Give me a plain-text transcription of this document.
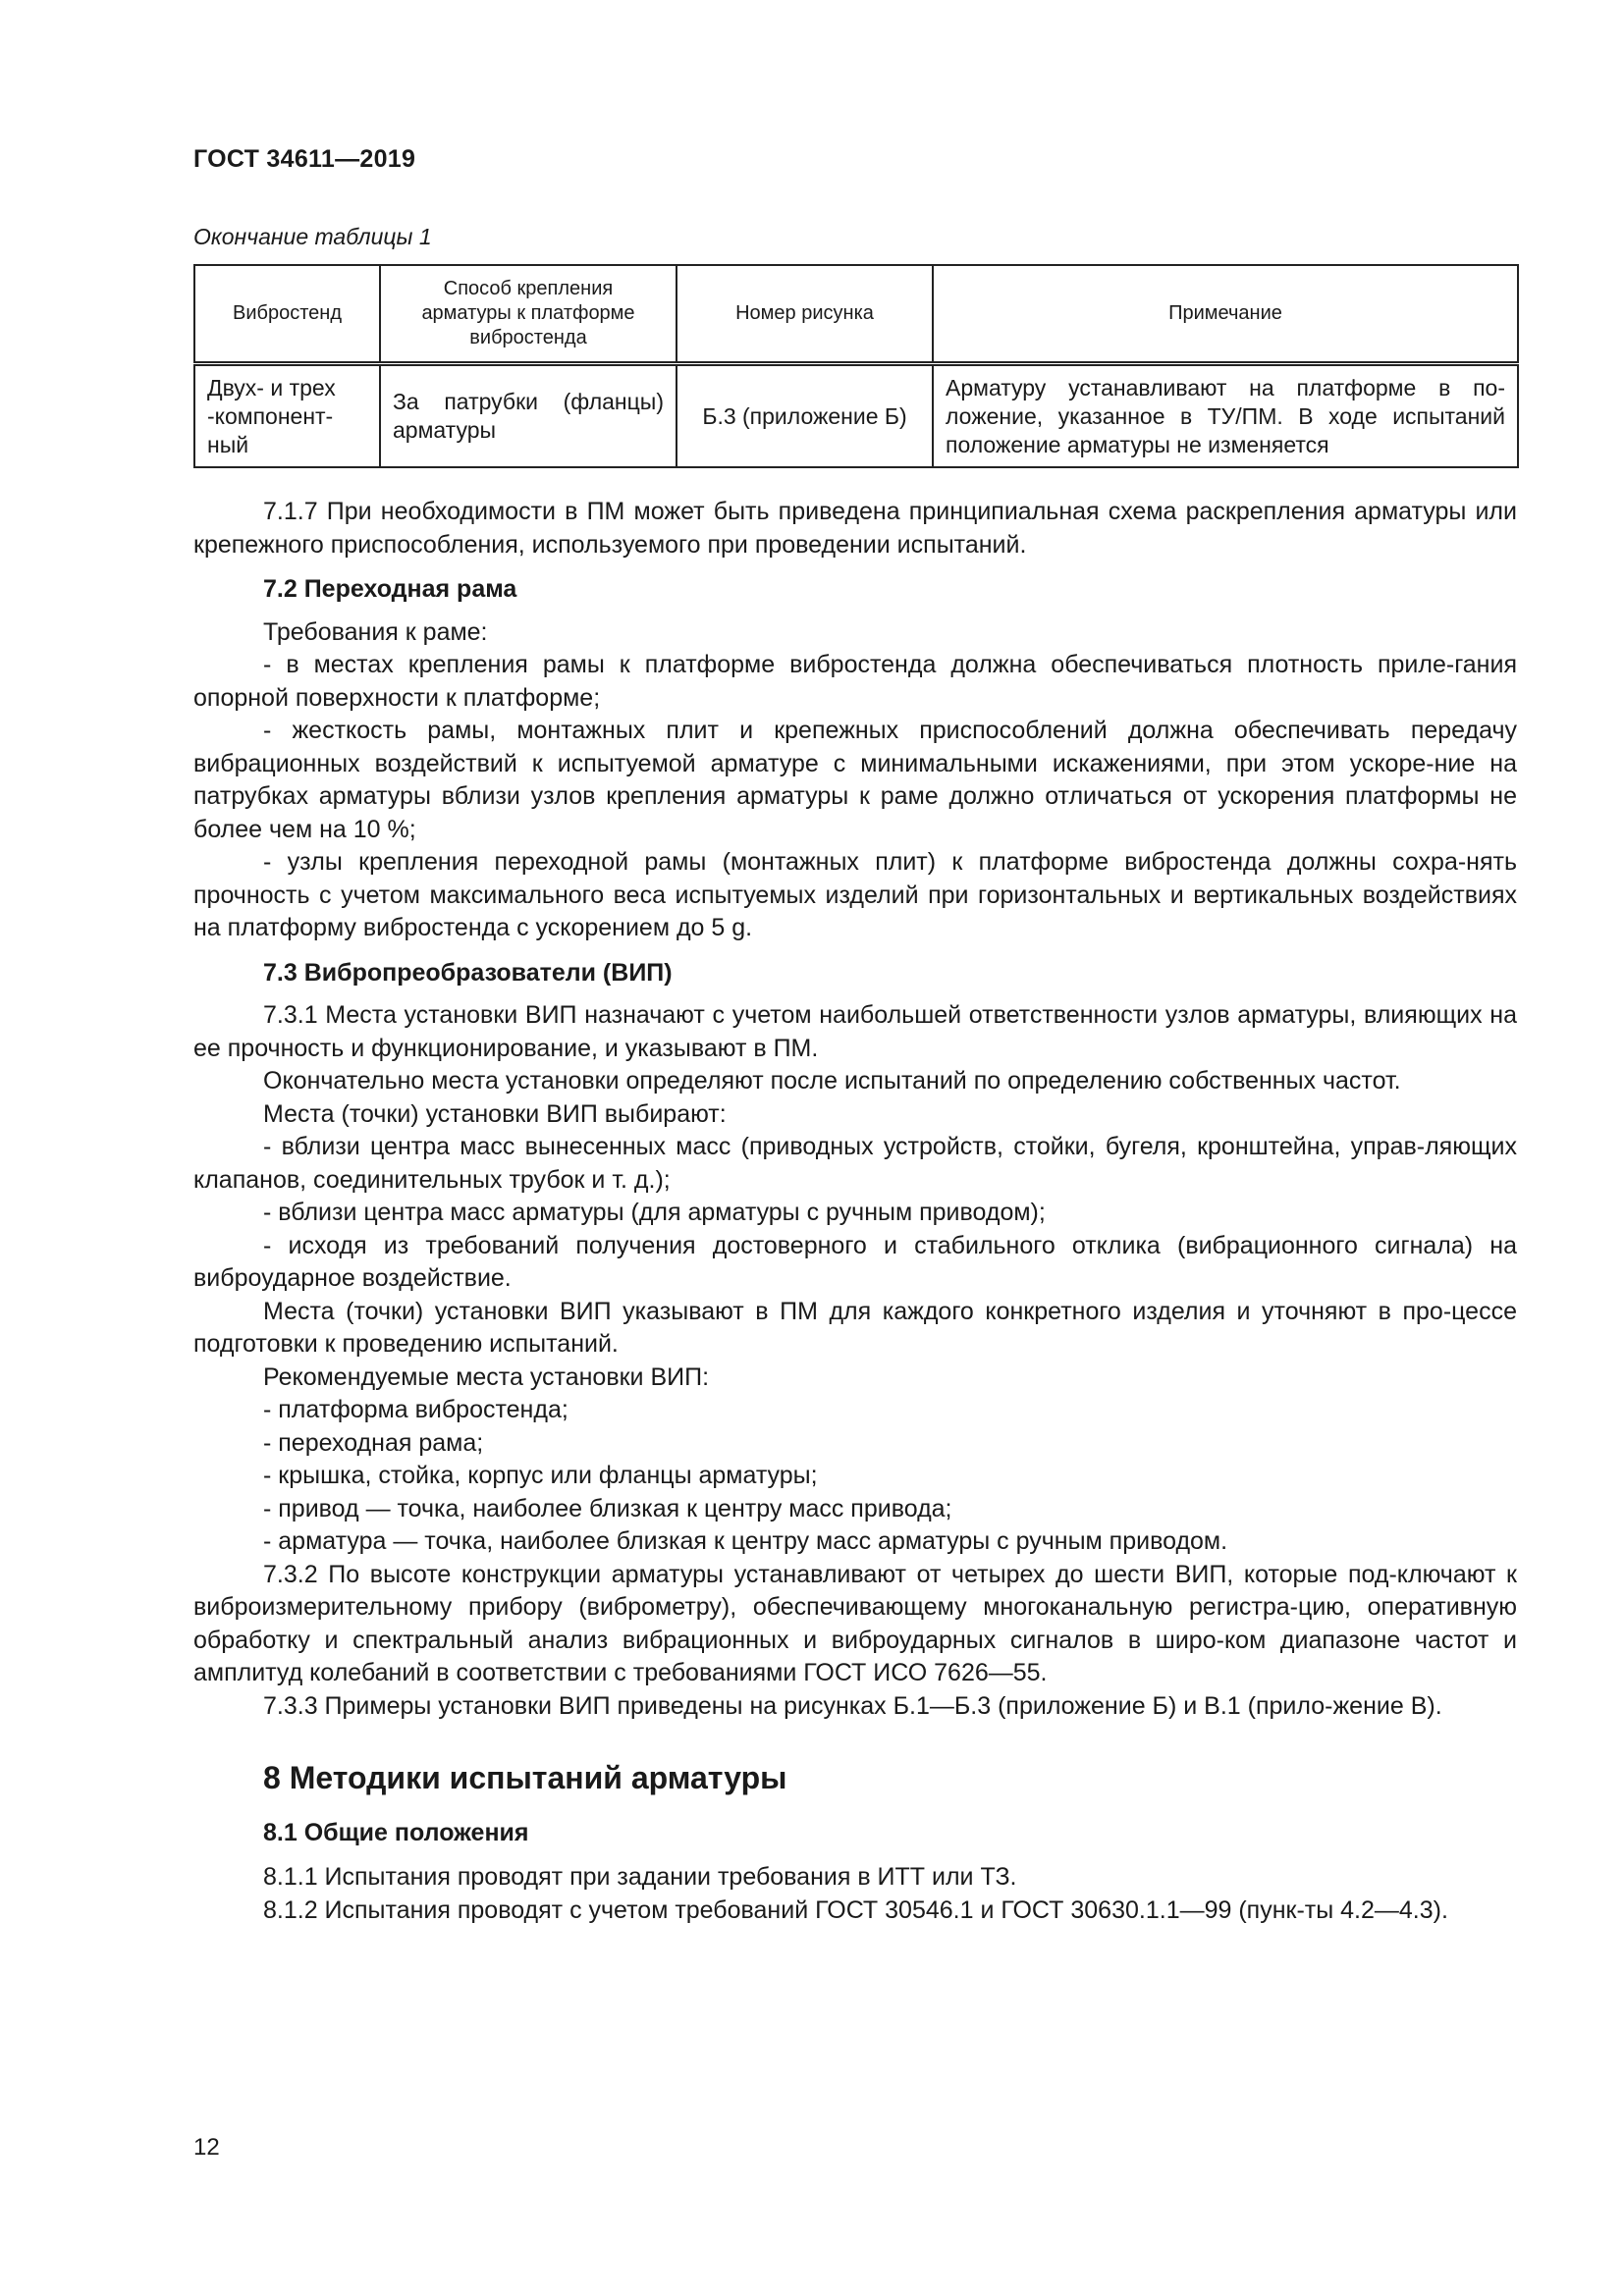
ГОСТ 34611—2019
Окончание таблицы 1
Вибростенд	Способ крепления арматуры к платформе вибростенда	Номер рисунка	Примечание
Двух- и трех -компонент-ный	За патрубки (фланцы) арматуры	Б.3 (приложение Б)	Арматуру устанавливают на платформе в по-ложение, указанное в ТУ/ПМ. В ходе испытаний положение арматуры не изменяется

7.1.7 При необходимости в ПМ может быть приведена принципиальная схема раскрепления арматуры или крепежного приспособления, используемого при проведении испытаний.

7.2 Переходная рама

Требования к раме:

- в местах крепления рамы к платформе вибростенда должна обеспечиваться плотность приле-гания опорной поверхности к платформе;

- жесткость рамы, монтажных плит и крепежных приспособлений должна обеспечивать передачу вибрационных воздействий к испытуемой арматуре с минимальными искажениями, при этом ускоре-ние на патрубках арматуры вблизи узлов крепления арматуры к раме должно отличаться от ускорения платформы не более чем на 10 %;

- узлы крепления переходной рамы (монтажных плит) к платформе вибростенда должны сохра-нять прочность с учетом максимального веса испытуемых изделий при горизонтальных и вертикальных воздействиях на платформу вибростенда с ускорением до 5 g.

7.3 Вибропреобразователи (ВИП)

7.3.1 Места установки ВИП назначают с учетом наибольшей ответственности узлов арматуры, влияющих на ее прочность и функционирование, и указывают в ПМ.

Окончательно места установки определяют после испытаний по определению собственных частот.

Места (точки) установки ВИП выбирают:

- вблизи центра масс вынесенных масс (приводных устройств, стойки, бугеля, кронштейна, управ-ляющих клапанов, соединительных трубок и т. д.);

- вблизи центра масс арматуры (для арматуры с ручным приводом);

- исходя из требований получения достоверного и стабильного отклика (вибрационного сигнала) на виброударное воздействие.

Места (точки) установки ВИП указывают в ПМ для каждого конкретного изделия и уточняют в про-цессе подготовки к проведению испытаний.

Рекомендуемые места установки ВИП:

- платформа вибростенда;

- переходная рама;

- крышка, стойка, корпус или фланцы арматуры;

- привод — точка, наиболее близкая к центру масс привода;

- арматура — точка, наиболее близкая к центру масс арматуры с ручным приводом.

7.3.2 По высоте конструкции арматуры устанавливают от четырех до шести ВИП, которые под-ключают к виброизмерительному прибору (виброметру), обеспечивающему многоканальную регистра-цию, оперативную обработку и спектральный анализ вибрационных и виброударных сигналов в широ-ком диапазоне частот и амплитуд колебаний в соответствии с требованиями ГОСТ ИСО 7626—55.

7.3.3 Примеры установки ВИП приведены на рисунках Б.1—Б.3 (приложение Б) и В.1 (прило-жение В).

8 Методики испытаний арматуры
8.1 Общие положения

8.1.1 Испытания проводят при задании требования в ИТТ или ТЗ.

8.1.2 Испытания проводят с учетом требований ГОСТ 30546.1 и ГОСТ 30630.1.1—99 (пунк-ты 4.2—4.3).

12
